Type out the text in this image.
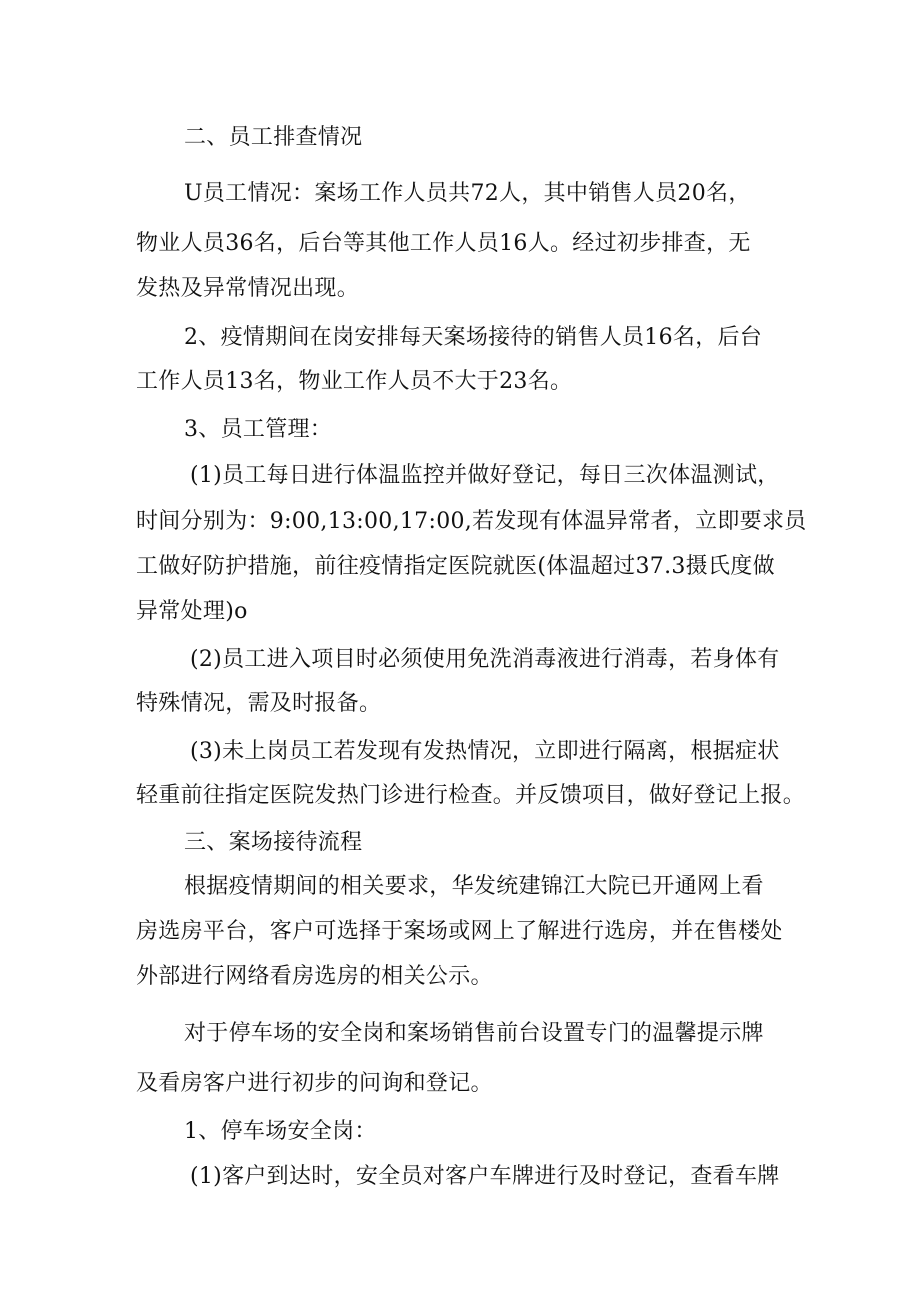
二、员工排查情况

U员工情况：案场工作人员共72人，其中销售人员20名，

物业人员36名，后台等其他工作人员16人。经过初步排查，无

发热及异常情况出现。

2、疫情期间在岗安排每天案场接待的销售人员16名，后台

工作人员13名，物业工作人员不大于23名。

3、员工管理：

(1)员工每日进行体温监控并做好登记，每日三次体温测试，

时间分别为：9:00,13:00,17:00,若发现有体温异常者，立即要求员

工做好防护措施，前往疫情指定医院就医(体温超过37.3摄氏度做

异常处理)o

(2)员工进入项目时必须使用免洗消毒液进行消毒，若身体有

特殊情况，需及时报备。

(3)未上岗员工若发现有发热情况，立即进行隔离，根据症状

轻重前往指定医院发热门诊进行检查。并反馈项目，做好登记上报。

三、案场接待流程

根据疫情期间的相关要求，华发统建锦江大院已开通网上看

房选房平台，客户可选择于案场或网上了解进行选房，并在售楼处

外部进行网络看房选房的相关公示。

对于停车场的安全岗和案场销售前台设置专门的温馨提示牌

及看房客户进行初步的问询和登记。

1、停车场安全岗：

(1)客户到达时，安全员对客户车牌进行及时登记，查看车牌
